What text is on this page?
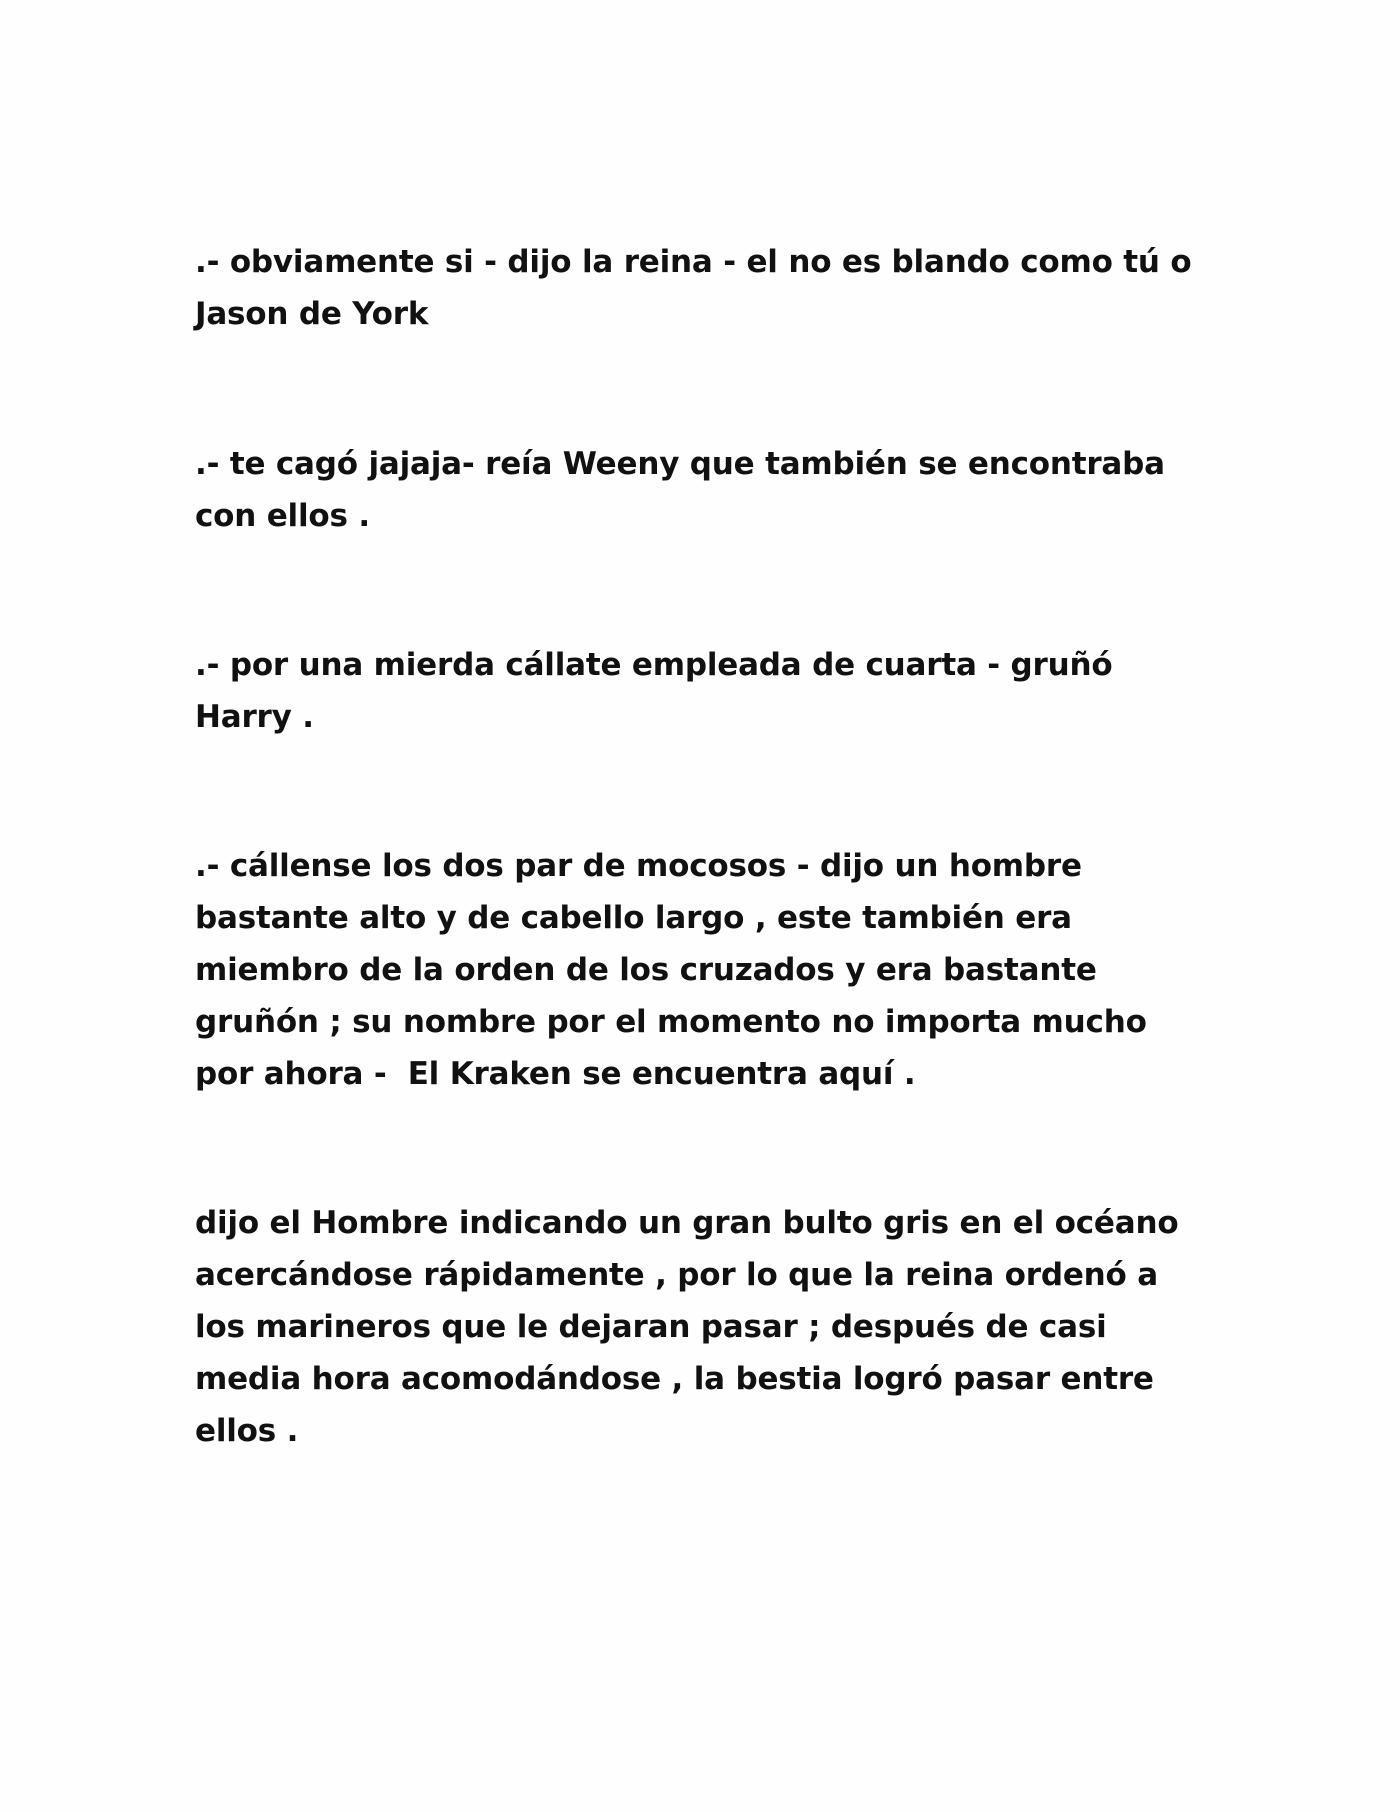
.- obviamente si - dijo la reina - el no es blando como tú o
Jason de York

.- te cagó jajaja- reía Weeny que también se encontraba
con ellos .

.- por una mierda cállate empleada de cuarta - gruñó
Harry .

.- cállense los dos par de mocosos - dijo un hombre
bastante alto y de cabello largo , este también era
miembro de la orden de los cruzados y era bastante
gruñón ; su nombre por el momento no importa mucho
por ahora -  El Kraken se encuentra aquí .

dijo el Hombre indicando un gran bulto gris en el océano
acercándose rápidamente , por lo que la reina ordenó a
los marineros que le dejaran pasar ; después de casi
media hora acomodándose , la bestia logró pasar entre
ellos .
